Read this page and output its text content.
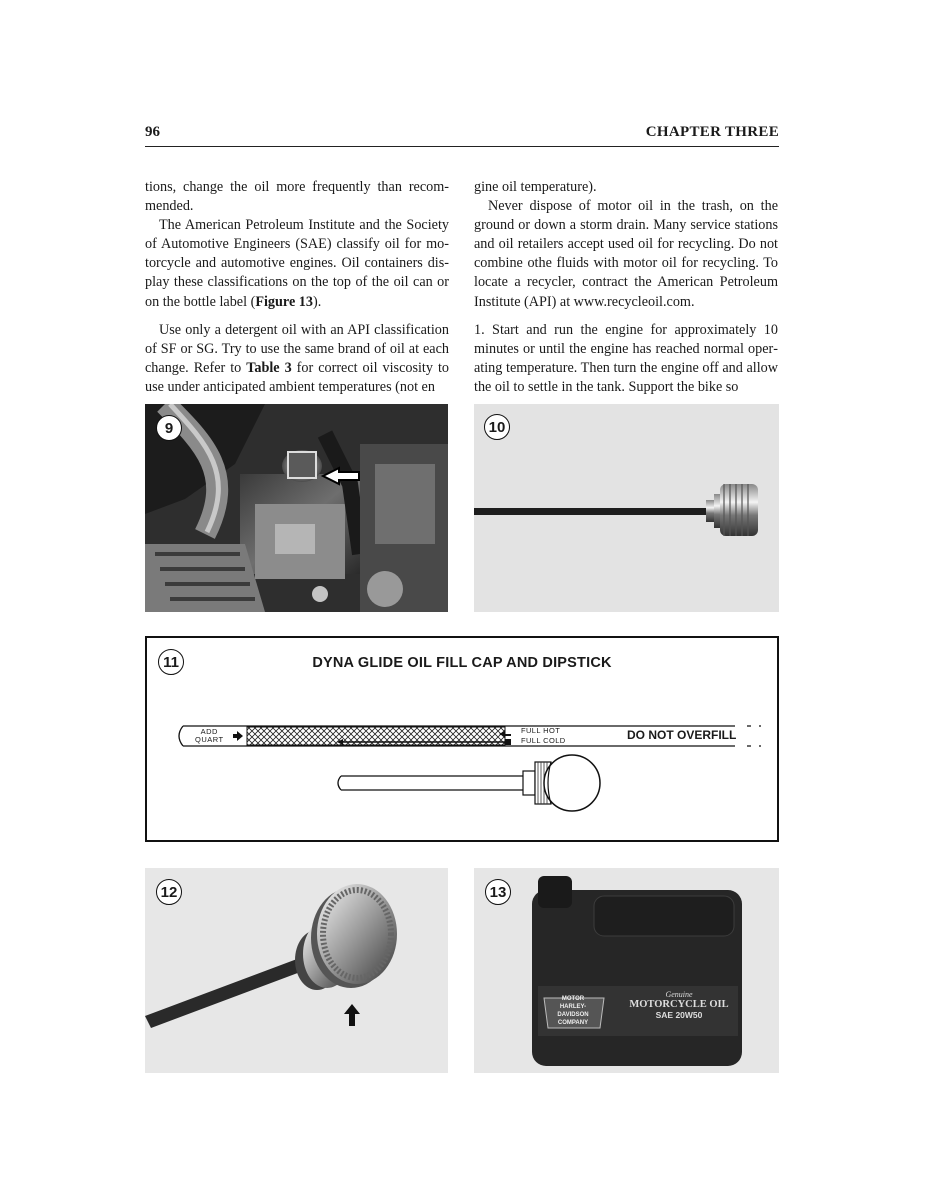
96	CHAPTER THREE

tions, change the oil more frequently than recommended.

The American Petroleum Institute and the Society of Automotive Engineers (SAE) classify oil for motorcycle and automotive engines. Oil containers display these classifications on the top of the oil can or on the bottle label (Figure 13).

Use only a detergent oil with an API classification of SF or SG. Try to use the same brand of oil at each change. Refer to Table 3 for correct oil viscosity to use under anticipated ambient temperatures (not en

gine oil temperature).

Never dispose of motor oil in the trash, on the ground or down a storm drain. Many service stations and oil retailers accept used oil for recycling. Do not combine othe fluids with motor oil for recycling. To locate a recycler, contract the American Petroleum Institute (API) at www.recycleoil.com.

1. Start and run the engine for approximately 10 minutes or until the engine has reached normal operating temperature. Then turn the engine off and allow the oil to settle in the tank. Support the bike so

9	10
11	DYNA GLIDE OIL FILL CAP AND DIPSTICK
ADD
QUART
FULL HOT
FULL COLD	DO NOT OVERFILL
12
MOTOR
HARLEY-DAVIDSON
COMPANY
Genuine
MOTORCYCLE OIL
SAE 20W50
13
